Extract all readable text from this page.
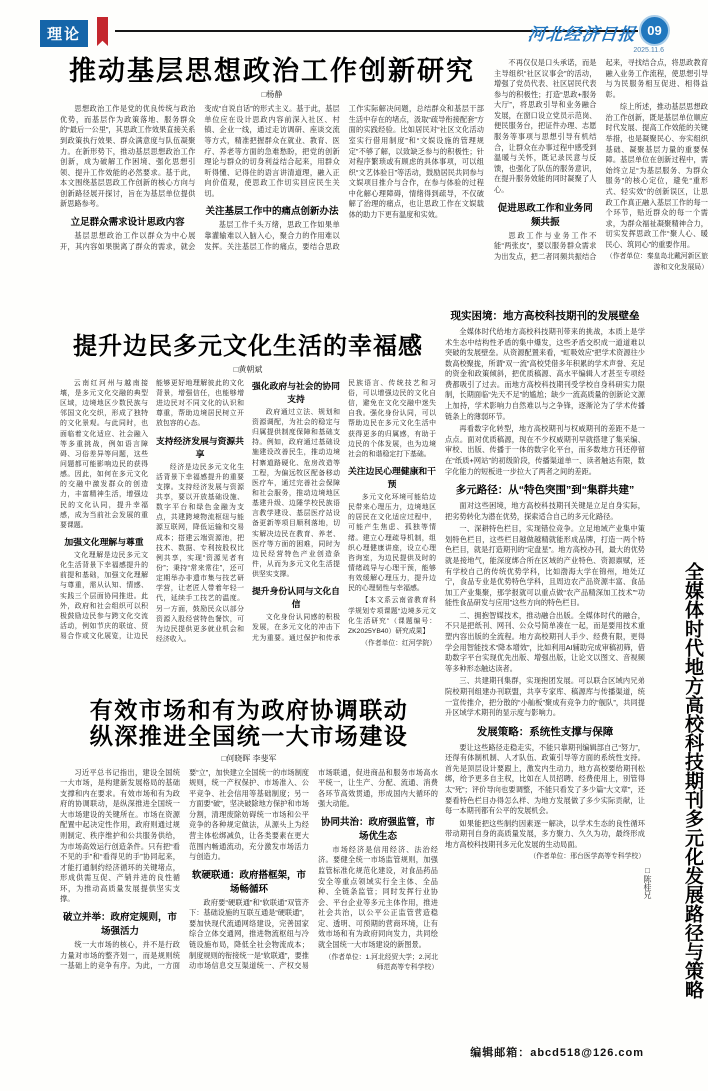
理论	河北经济日报 09
2025.11.6
推动基层思想政治工作创新研究
□杨静

思想政治工作是党的优良传统与政治优势，而基层作为政策落地、服务群众的“最后一公里”，其思政工作效果直接关系到政策执行效果、群众满意度与队伍凝聚力。在新形势下，推动基层思想政治工作创新，成为破解工作困境、强化思想引领、提升工作效能的必然要求。基于此，本文围绕基层思政工作创新的核心方向与创新路径展开探讨，旨在为基层单位提供新思路参考。

立足群众需求设计思政内容

基层思想政治工作以群众为中心展开，其内容如果脱离了群众的需求，就会变成“自说自话”的形式主义。基于此，基层单位应在设计思政内容前深入社区、村镇、企业一线，通过走访调研、座谈交流等方式，精准把握群众在就业、教育、医疗、养老等方面的急难愁盼，把党的创新理论与群众的切身利益结合起来，用群众听得懂、记得住的语言讲清道理，融入正向价值观，使思政工作切实回应民生关切。

关注基层工作中的痛点创新办法

基层工作千头万绪，思政工作如果单靠灌输难以入脑入心，聚合力的作用难以发挥。关注基层工作的痛点，要结合思政工作实际解决问题，总结群众和基层干部生活中存在的堵点，汲取“疏导衔接配套”方面的实践经验。比如居民对“社区文化活动室实行借用制度”和“文娱设施的管理规定”不够了解，以致缺乏参与的积极性；针对程序繁琐或有顾虑的具体事项，可以组织“文艺体验日”等活动，鼓励居民共同参与文娱项目推介与合作，在参与体验的过程中化解心理障碍，情绪得到疏导，不仅破解了治理的痛点，也让思政工作在文娱载体的助力下更有温度和实效。

不再仅仅是口头承诺，而是主导组织“社区议事会”的活动，增强了党员代表、社区居民代表参与的积极性；打造“思政+服务大厅”，将思政引导和业务融合发展，在窗口设立党员示范岗、便民服务台，把证件办理、志愿服务等事项与思想引导有机结合，让群众在办事过程中感受到温暖与关怀，既记录民意与反馈，也强化了队伍的服务意识，在提升服务效能的同时凝聚了人心。

促进思政工作和业务同频共振

思政工作与业务工作不能“两张皮”，要以服务群众需求为出发点，把二者同频共振结合起来，寻找结合点，将思政教育融入业务工作流程，使思想引导与为民服务相互促进、相得益彰。

综上所述，推动基层思想政治工作创新，既是基层单位顺应时代发展、提高工作效能的关键举措，也是凝聚民心、夯实组织基础、凝聚基层力量的重要保障。基层单位在创新过程中，需始终立足“为基层服务、为群众服务”的核心定位，避免“重形式、轻实效”的创新误区，让思政工作真正融入基层工作的每一个环节，贴近群众的每一个需求，为群众福祉凝聚精神合力，切实发挥思政工作“聚人心、暖民心、筑同心”的重要作用。

（作者单位：秦皇岛北戴河新区旅游和文化发展局）

提升边民多元文化生活的幸福感
□黄朝斌

云南红河州与越南接壤，是多元文化交融的典型区域，边境地区少数民族与邻国文化交织，形成了独特的文化景观。与此同时，也面临着文化适应、社会融入等多重挑战，例如语言障碍、习俗差异等问题，这些问题都可能影响边民的获得感。因此，如何在多元文化的交融中激发群众的创造力，丰富精神生活，增强边民的文化认同，提升幸福感，成为当前社会发展的重要课题。

加强文化理解与尊重

文化理解是边民多元文化生活背景下幸福感提升的前提和基础，加强文化理解与尊重，需从认知、情感、实践三个层面协同推进。此外，政府和社会组织可以积极鼓励边民参与跨文化交流活动，例如节庆的联谊、贸易合作或文化展览，让边民能够更好地理解彼此的文化背景，增强信任，也能够增进边民对不同文化的认识和尊重，帮助边境居民树立开放包容的心态。

支持经济发展与资源共享

经济是边民多元文化生活背景下幸福感提升的重要支撑。支持经济发展与资源共享，要以开放基础设施、数字平台和绿色金融为支点，共建跨境物流枢纽与能源互联网，降低运输和交易成本；搭建云端资源池，把技术、数据、专利按股权比例共享，实现“资源见者有份”；秉持“常来常往”，还可定期举办非遗市集与技艺研学营，让老匠人带着年轻一代，延续手工技艺的温度。另一方面，鼓励民众以部分资源入股经营特色餐饮，可为边民提供更多就业机会和经济收入。

强化政府与社会的协同支持

政府通过立法、规划和资源调配，为社会的稳定与归属提供制度保障和基础支持。例如，政府通过基础设施建设改善民生，推动边境村寨道路硬化、危房改造等工程，为偏远牧区配备移动医疗车，通过完善社会保障和社会服务，推动边境地区基建升级、边陲学校民族语言教学建设、基层医疗站设备更新等项目顺利落地，切实解决边民在教育、养老、医疗等方面的困难，同时为边民经营特色产业创造条件，从而为多元文化生活提供坚实支撑。

提升身份认同与文化自信

文化身份认同感的积极发展，在多元文化的冲击下尤为重要。通过保护和传承民族语言、传统技艺和习俗，可以增强边民的文化自信，避免在文化交融中迷失自我。强化身份认同，可以帮助边民在多元文化生活中获得更多的归属感，有助于边民的个体发展，也为边境社会的和谐稳定打下基础。

关注边民心理健康和干预

多元文化环境可能给边民带来心理压力，边境地区的居民在文化适应过程中，可能产生焦虑、孤独等情绪。建立心理疏导机制，组织心理健康讲座，设立心理咨询室，为边民提供及时的情绪疏导与心理干预，能够有效缓解心理压力，提升边民的心理韧性与幸福感。

【本文系云南省教育科学规划专项课题“边境多元文化生活研究”（课题编号：ZK2025YB40）研究成果】

（作者单位：红河学院）

现实困境：地方高校科技期刊的发展壁垒

全媒体时代给地方高校科技期刊带来的挑战，本质上是学术生态中结构性矛盾的集中爆发，这些矛盾交织成一道道难以突破的发展壁垒。从资源配置来看，“虹吸效应”把学术资源往少数高校聚拢，所谓“双一流”高校凭借多年积累的学术声誉、充足的资金和政策倾斜，把优质稿源、高水平编辑人才甚至专项经费都吸引了过去。而地方高校科技期刊受学校自身科研实力限制，长期面临“先天不足”的尴尬；缺少一流高质量的创新论文源上加持，学术影响力自然难以与之争锋，逐渐沦为了学术传播链条上的薄弱环节。

再看数字化转型，地方高校期刊与权威期刊的差距不是一点点。面对优质稿源，现在不少权威期刊早就搭建了集采编、审校、出版、传播于一体的数字化平台，而多数地方刊还停留在“纸质+网站”的初级阶段，传播渠道单一、读者触达有限，数字化能力的短板进一步拉大了两者之间的差距。

多元路径：从“特色突围”到“集群共建”

面对这些困境，地方高校科技期刊关键是立足自身实际，把劣势转化为潜在优势，探索适合自己的多元化路径。

一、深耕特色栏目，实现错位竞争。立足地域产业集中策划特色栏目，这些栏目越做越精就能形成品牌，打造一两个特色栏目，就是打造期刊的“定盘星”。地方高校办刊，最大的优势就是接地气，能深度绑合所在区域的产业特色、资源禀赋，还有学校自己的传统优势学科，比如渤海大学在锦州，地处辽宁，食品专业是优势特色学科，且周边农产品资源丰富、食品加工产业集聚，那学报就可以重点做“农产品精深加工技术”“功能性食品研发与应用”这些方向的特色栏目。

二、拥抱智媒技术，推动融合出版。全媒体时代的融合，不只是把纸刊、网刊、公众号简单凑在一起，而是要用技术重塑内容出版的全流程。地方高校期刊人手少、经费有限，更得学会用智能技术“降本增效”，比如利用AI辅助完成审稿初筛，借助数字平台实现优先出版、增强出版，让论文以图文、音视频等多种形态触达读者。

三、共建期刊集群，实现抱团发展。可以联合区域内兄弟院校期刊组建办刊联盟，共享专家库、稿源库与传播渠道，统一宣传推介，把分散的“小舢板”聚成有竞争力的“舰队”，共同提升区域学术期刊的显示度与影响力。

发展策略：系统性支撑与保障

要让这些路径走稳走实，不能只靠期刊编辑部自己“努力”，还得有体制机制、人才队伍、政策引导等方面的系统性支持。首先是顶层设计要跟上，激发内生动力，地方高校要给期刊松绑，给予更多自主权，比如在人员招聘、经费使用上，别管得太“死”；评价导向也要调整，不能只看发了多少篇“大文章”，还要看特色栏目办得怎么样、为地方发展做了多少实际贡献，让每一本期刊都有公平的发展机会。

如果能把这些制约因素逐一解决，以学术生态的良性循环带动期刊自身的高质量发展，多方聚力、久久为功，最终形成地方高校科技期刊多元化发展的生动局面。

（作者单位：邢台医学高等专科学校）	全媒体时代地方高校科技期刊多元化发展路径与策略
□陈桂兄
有效市场和有为政府协调联动
纵深推进全国统一大市场建设
□何晓晖 李斐军

习近平总书记指出，建设全国统一大市场，是构建新发展格局的基础支撑和内在要求。有效市场和有为政府的协调联动，是纵深推进全国统一大市场建设的关键所在。市场在资源配置中起决定性作用，政府则通过规则制定、秩序维护和公共服务供给，为市场高效运行创造条件。只有把“看不见的手”和“看得见的手”协同起来，才能打通制约经济循环的关键堵点，形成供需互促、产销并进的良性循环，为推动高质量发展提供坚实支撑。

破立并举：政府定规则，市场强活力

统一大市场的核心，并不是行政力量对市场的整齐划一，而是规则统一基础上的竞争有序。为此，一方面要“立”，加快建立全国统一的市场制度规则，统一产权保护、市场准入、公平竞争、社会信用等基础制度；另一方面要“破”，坚决破除地方保护和市场分割，清理废除妨碍统一市场和公平竞争的各种规定做法，从源头上为经营主体松绑减负，让各类要素在更大范围内畅通流动，充分激发市场活力与创造力。

软硬联通：政府搭框架，市场畅循环

政府要“硬联通”和“软联通”双管齐下：基础设施的互联互通是“硬联通”，要加快现代流通网络建设，完善国家综合立体交通网，推进物流枢纽与冷链设施布局，降低全社会物流成本；制度规则的衔接统一是“软联通”，要推动市场信息交互渠道统一、产权交易市场联通，促进商品和服务市场高水平统一，让生产、分配、流通、消费各环节高效贯通，形成国内大循环的强大动能。

协同共治：政府强监管，市场优生态

市场经济是信用经济、法治经济。要健全统一市场监管规则，加强监管标准化规范化建设，对食品药品安全等重点领域实行全主体、全品种、全链条监管；同时发挥行业协会、平台企业等多元主体作用，推进社会共治，以公平公正监管营造稳定、透明、可预期的营商环境，让有效市场和有为政府同向发力，共同绘就全国统一大市场建设的新图景。

（作者单位：1.河北经贸大学；2.河北师范高等专科学校）

编辑邮箱：abcd518@126.com
